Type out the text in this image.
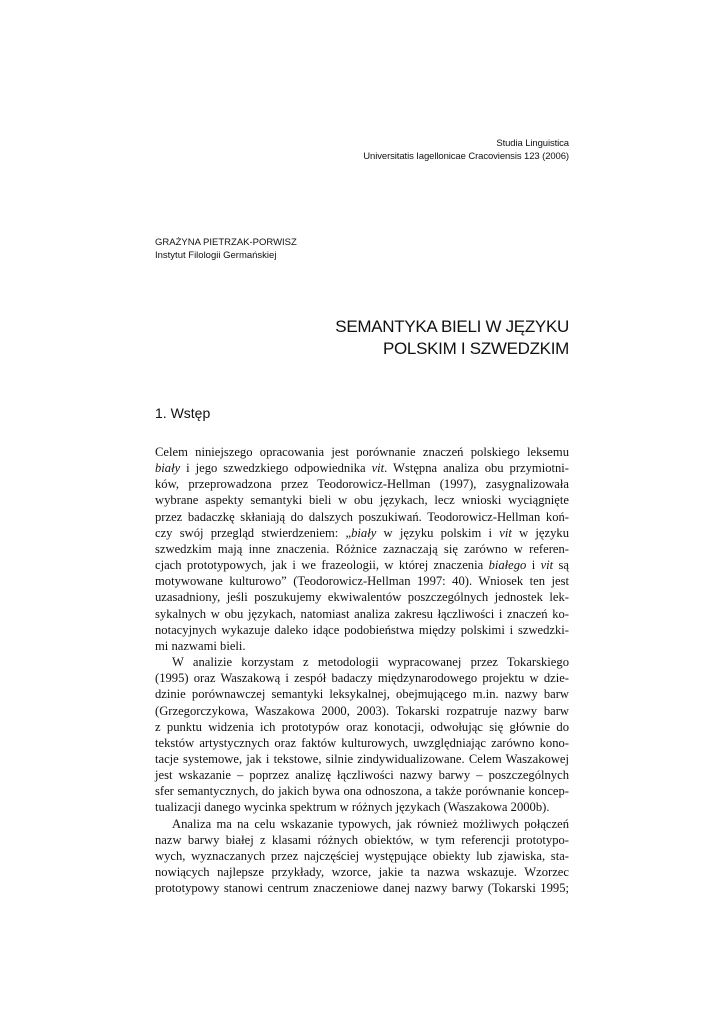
Studia Linguistica
Universitatis Iagellonicae Cracoviensis 123 (2006)
GRAŻYNA PIETRZAK-PORWISZ
Instytut Filologii Germańskiej
SEMANTYKA BIELI W JĘZYKU
POLSKIM I SZWEDZKIM
1. Wstęp
Celem niniejszego opracowania jest porównanie znaczeń polskiego leksemu
biały i jego szwedzkiego odpowiednika vit. Wstępna analiza obu przymiotni-
ków, przeprowadzona przez Teodorowicz-Hellman (1997), zasygnalizowała
wybrane aspekty semantyki bieli w obu językach, lecz wnioski wyciągnięte
przez badaczkę skłaniają do dalszych poszukiwań. Teodorowicz-Hellman koń-
czy swój przegląd stwierdzeniem: „biały w języku polskim i vit w języku
szwedzkim mają inne znaczenia. Różnice zaznaczają się zarówno w referen-
cjach prototypowych, jak i we frazeologii, w której znaczenia białego i vit są
motywowane kulturowo” (Teodorowicz-Hellman 1997: 40). Wniosek ten jest
uzasadniony, jeśli poszukujemy ekwiwalentów poszczególnych jednostek lek-
sykalnych w obu językach, natomiast analiza zakresu łączliwości i znaczeń ko-
notacyjnych wykazuje daleko idące podobieństwa między polskimi i szwedzki-
mi nazwami bieli.
W analizie korzystam z metodologii wypracowanej przez Tokarskiego
(1995) oraz Waszakową i zespół badaczy międzynarodowego projektu w dzie-
dzinie porównawczej semantyki leksykalnej, obejmującego m.in. nazwy barw
(Grzegorczykowa, Waszakowa 2000, 2003). Tokarski rozpatruje nazwy barw
z punktu widzenia ich prototypów oraz konotacji, odwołując się głównie do
tekstów artystycznych oraz faktów kulturowych, uwzględniając zarówno kono-
tacje systemowe, jak i tekstowe, silnie zindywidualizowane. Celem Waszakowej
jest wskazanie – poprzez analizę łączliwości nazwy barwy – poszczególnych
sfer semantycznych, do jakich bywa ona odnoszona, a także porównanie koncep-
tualizacji danego wycinka spektrum w różnych językach (Waszakowa 2000b).
Analiza ma na celu wskazanie typowych, jak również możliwych połączeń
nazw barwy białej z klasami różnych obiektów, w tym referencji prototypo-
wych, wyznaczanych przez najczęściej występujące obiekty lub zjawiska, sta-
nowiących najlepsze przykłady, wzorce, jakie ta nazwa wskazuje. Wzorzec
prototypowy stanowi centrum znaczeniowe danej nazwy barwy (Tokarski 1995;
